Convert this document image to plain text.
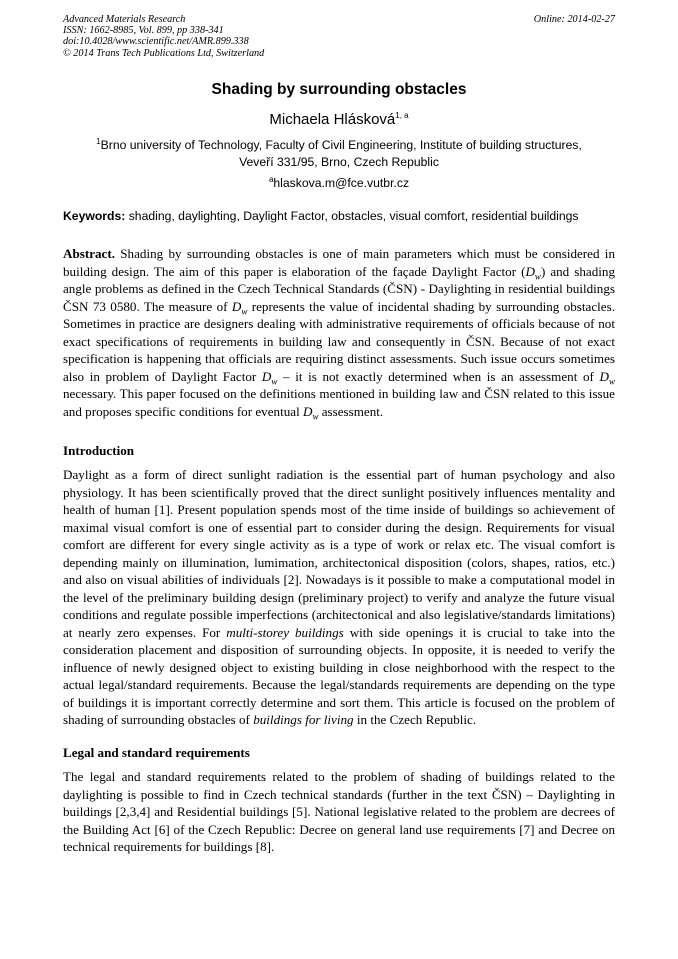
Advanced Materials Research
ISSN: 1662-8985, Vol. 899, pp 338-341
doi:10.4028/www.scientific.net/AMR.899.338
© 2014 Trans Tech Publications Ltd, Switzerland
Online: 2014-02-27
Shading by surrounding obstacles
Michaela Hlásková$^{1, a}$
$^1$Brno university of Technology, Faculty of Civil Engineering, Institute of building structures,
Veveří 331/95, Brno, Czech Republic
$^a$hlaskova.m@fce.vutbr.cz
Keywords: shading, daylighting, Daylight Factor, obstacles, visual comfort, residential buildings
Abstract. Shading by surrounding obstacles is one of main parameters which must be considered in building design. The aim of this paper is elaboration of the façade Daylight Factor $(D_w)$ and shading angle problems as defined in the Czech Technical Standards (ČSN) - Daylighting in residential buildings ČSN 73 0580. The measure of $D_w$ represents the value of incidental shading by surrounding obstacles. Sometimes in practice are designers dealing with administrative requirements of officials because of not exact specifications of requirements in building law and consequently in ČSN. Because of not exact specification is happening that officials are requiring distinct assessments. Such issue occurs sometimes also in problem of Daylight Factor $D_w$ – it is not exactly determined when is an assessment of $D_w$ necessary. This paper focused on the definitions mentioned in building law and ČSN related to this issue and proposes specific conditions for eventual $D_w$ assessment.
Introduction
Daylight as a form of direct sunlight radiation is the essential part of human psychology and also physiology. It has been scientifically proved that the direct sunlight positively influences mentality and health of human [1]. Present population spends most of the time inside of buildings so achievement of maximal visual comfort is one of essential part to consider during the design. Requirements for visual comfort are different for every single activity as is a type of work or relax etc. The visual comfort is depending mainly on illumination, lumimation, architectonical disposition (colors, shapes, ratios, etc.) and also on visual abilities of individuals [2]. Nowadays is it possible to make a computational model in the level of the preliminary building design (preliminary project) to verify and analyze the future visual conditions and regulate possible imperfections (architectonical and also legislative/standards limitations) at nearly zero expenses. For multi-storey buildings with side openings it is crucial to take into the consideration placement and disposition of surrounding objects. In opposite, it is needed to verify the influence of newly designed object to existing building in close neighborhood with the respect to the actual legal/standard requirements. Because the legal/standards requirements are depending on the type of buildings it is important correctly determine and sort them. This article is focused on the problem of shading of surrounding obstacles of buildings for living in the Czech Republic.
Legal and standard requirements
The legal and standard requirements related to the problem of shading of buildings related to the daylighting is possible to find in Czech technical standards (further in the text ČSN) – Daylighting in buildings [2,3,4] and Residential buildings [5]. National legislative related to the problem are decrees of the Building Act [6] of the Czech Republic: Decree on general land use requirements [7] and Decree on technical requirements for buildings [8].
